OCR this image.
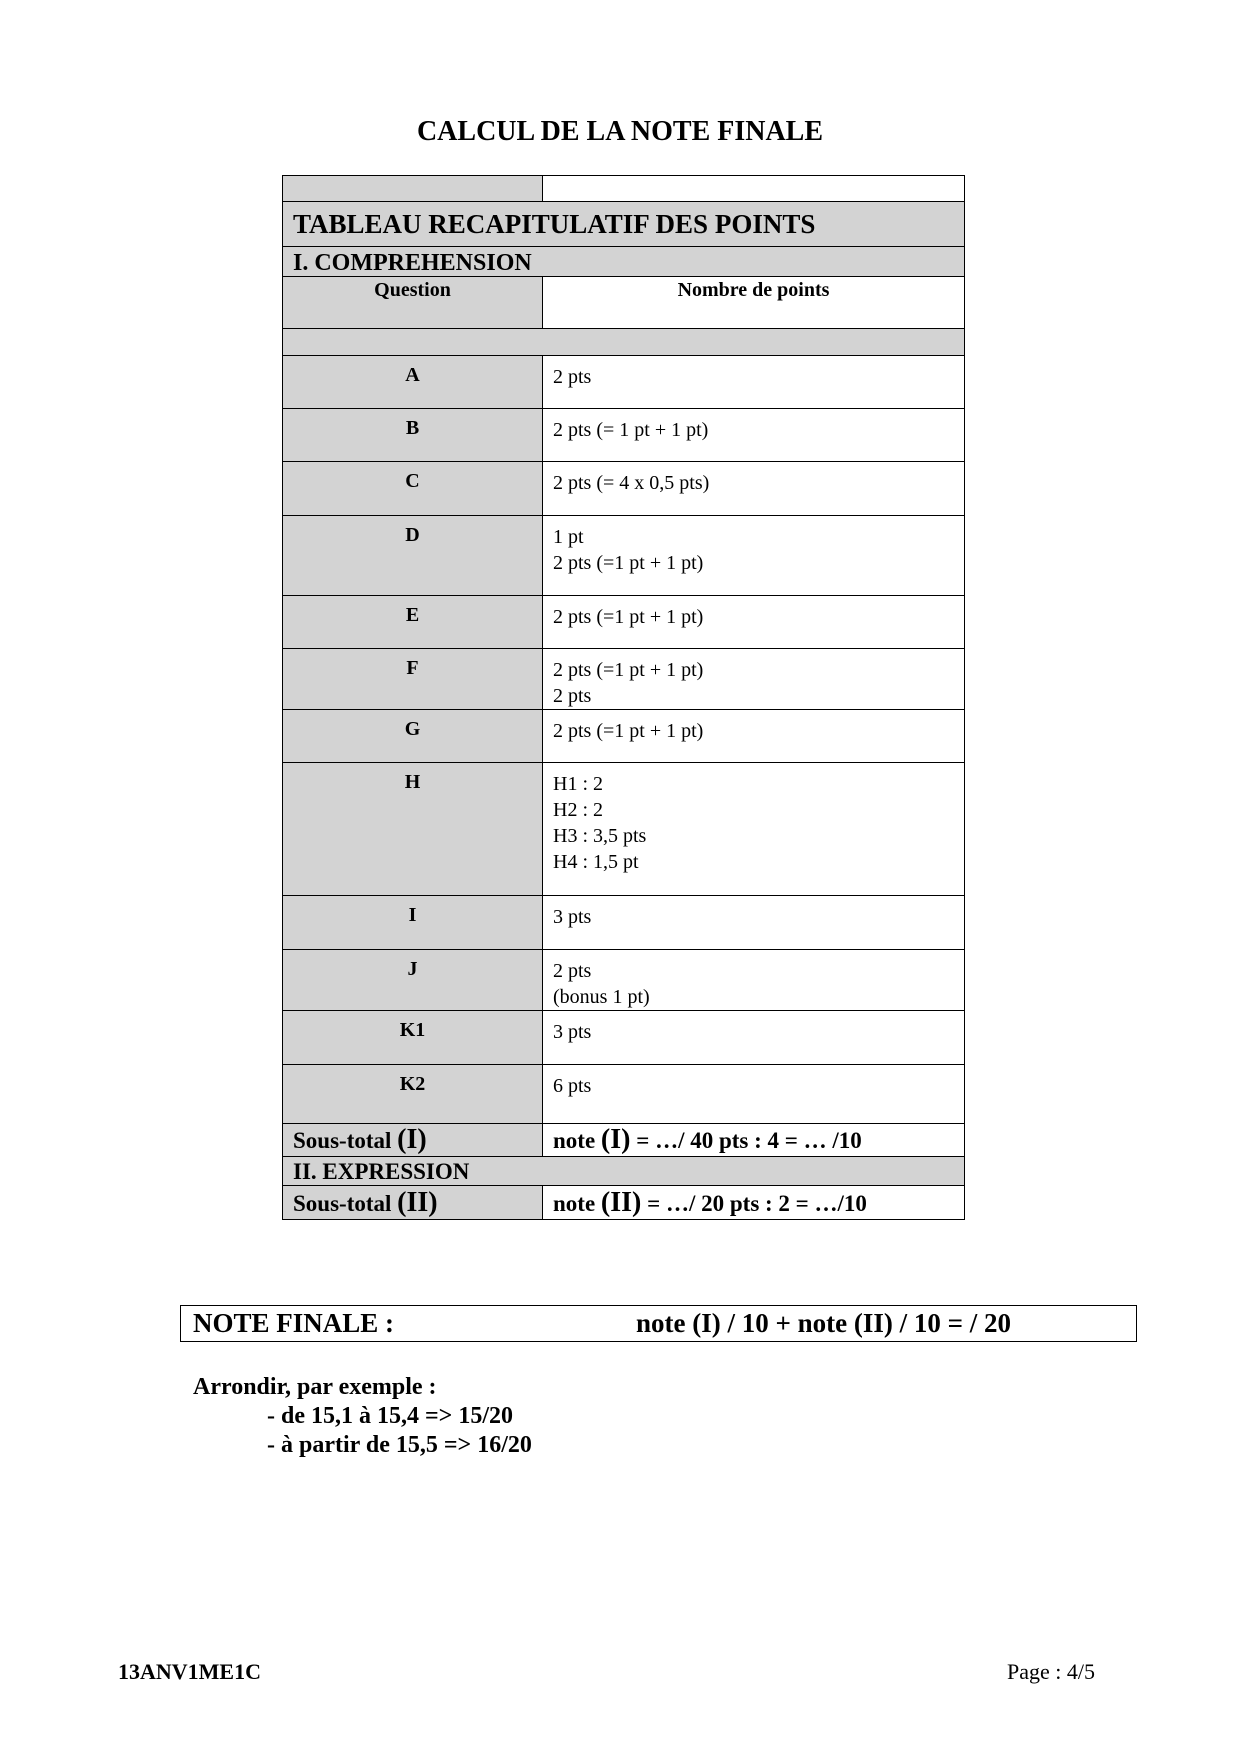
CALCUL DE LA NOTE FINALE

TABLEAU RECAPITULATIF DES POINTS	
I. COMPREHENSION	
Question	Nombre de points

A	2 pts

B	2 pts (= 1 pt + 1 pt)

C	2 pts (= 4 x 0,5 pts)

D	1 pt
2 pts (=1 pt + 1 pt)

E	2 pts (=1 pt + 1 pt)

F	2 pts (=1 pt + 1 pt)
2 pts

G	2 pts (=1 pt + 1 pt)

H	H1 : 2
H2 : 2
H3 : 3,5 pts
H4 : 1,5 pt

I	3 pts

J	2 pts
(bonus 1 pt)

K1	3 pts

K2	6 pts

Sous-total (I)	note (I) = …/ 40 pts : 4 = … /10
II. EXPRESSION	
Sous-total (II)	note (II) = …/ 20 pts : 2 = …/10
NOTE FINALE :	note (I) / 10 + note (II) / 10 = / 20
Arrondir, par exemple :
- de 15,1 à 15,4 => 15/20
- à partir de 15,5 => 16/20
13ANV1ME1C	Page : 4/5
